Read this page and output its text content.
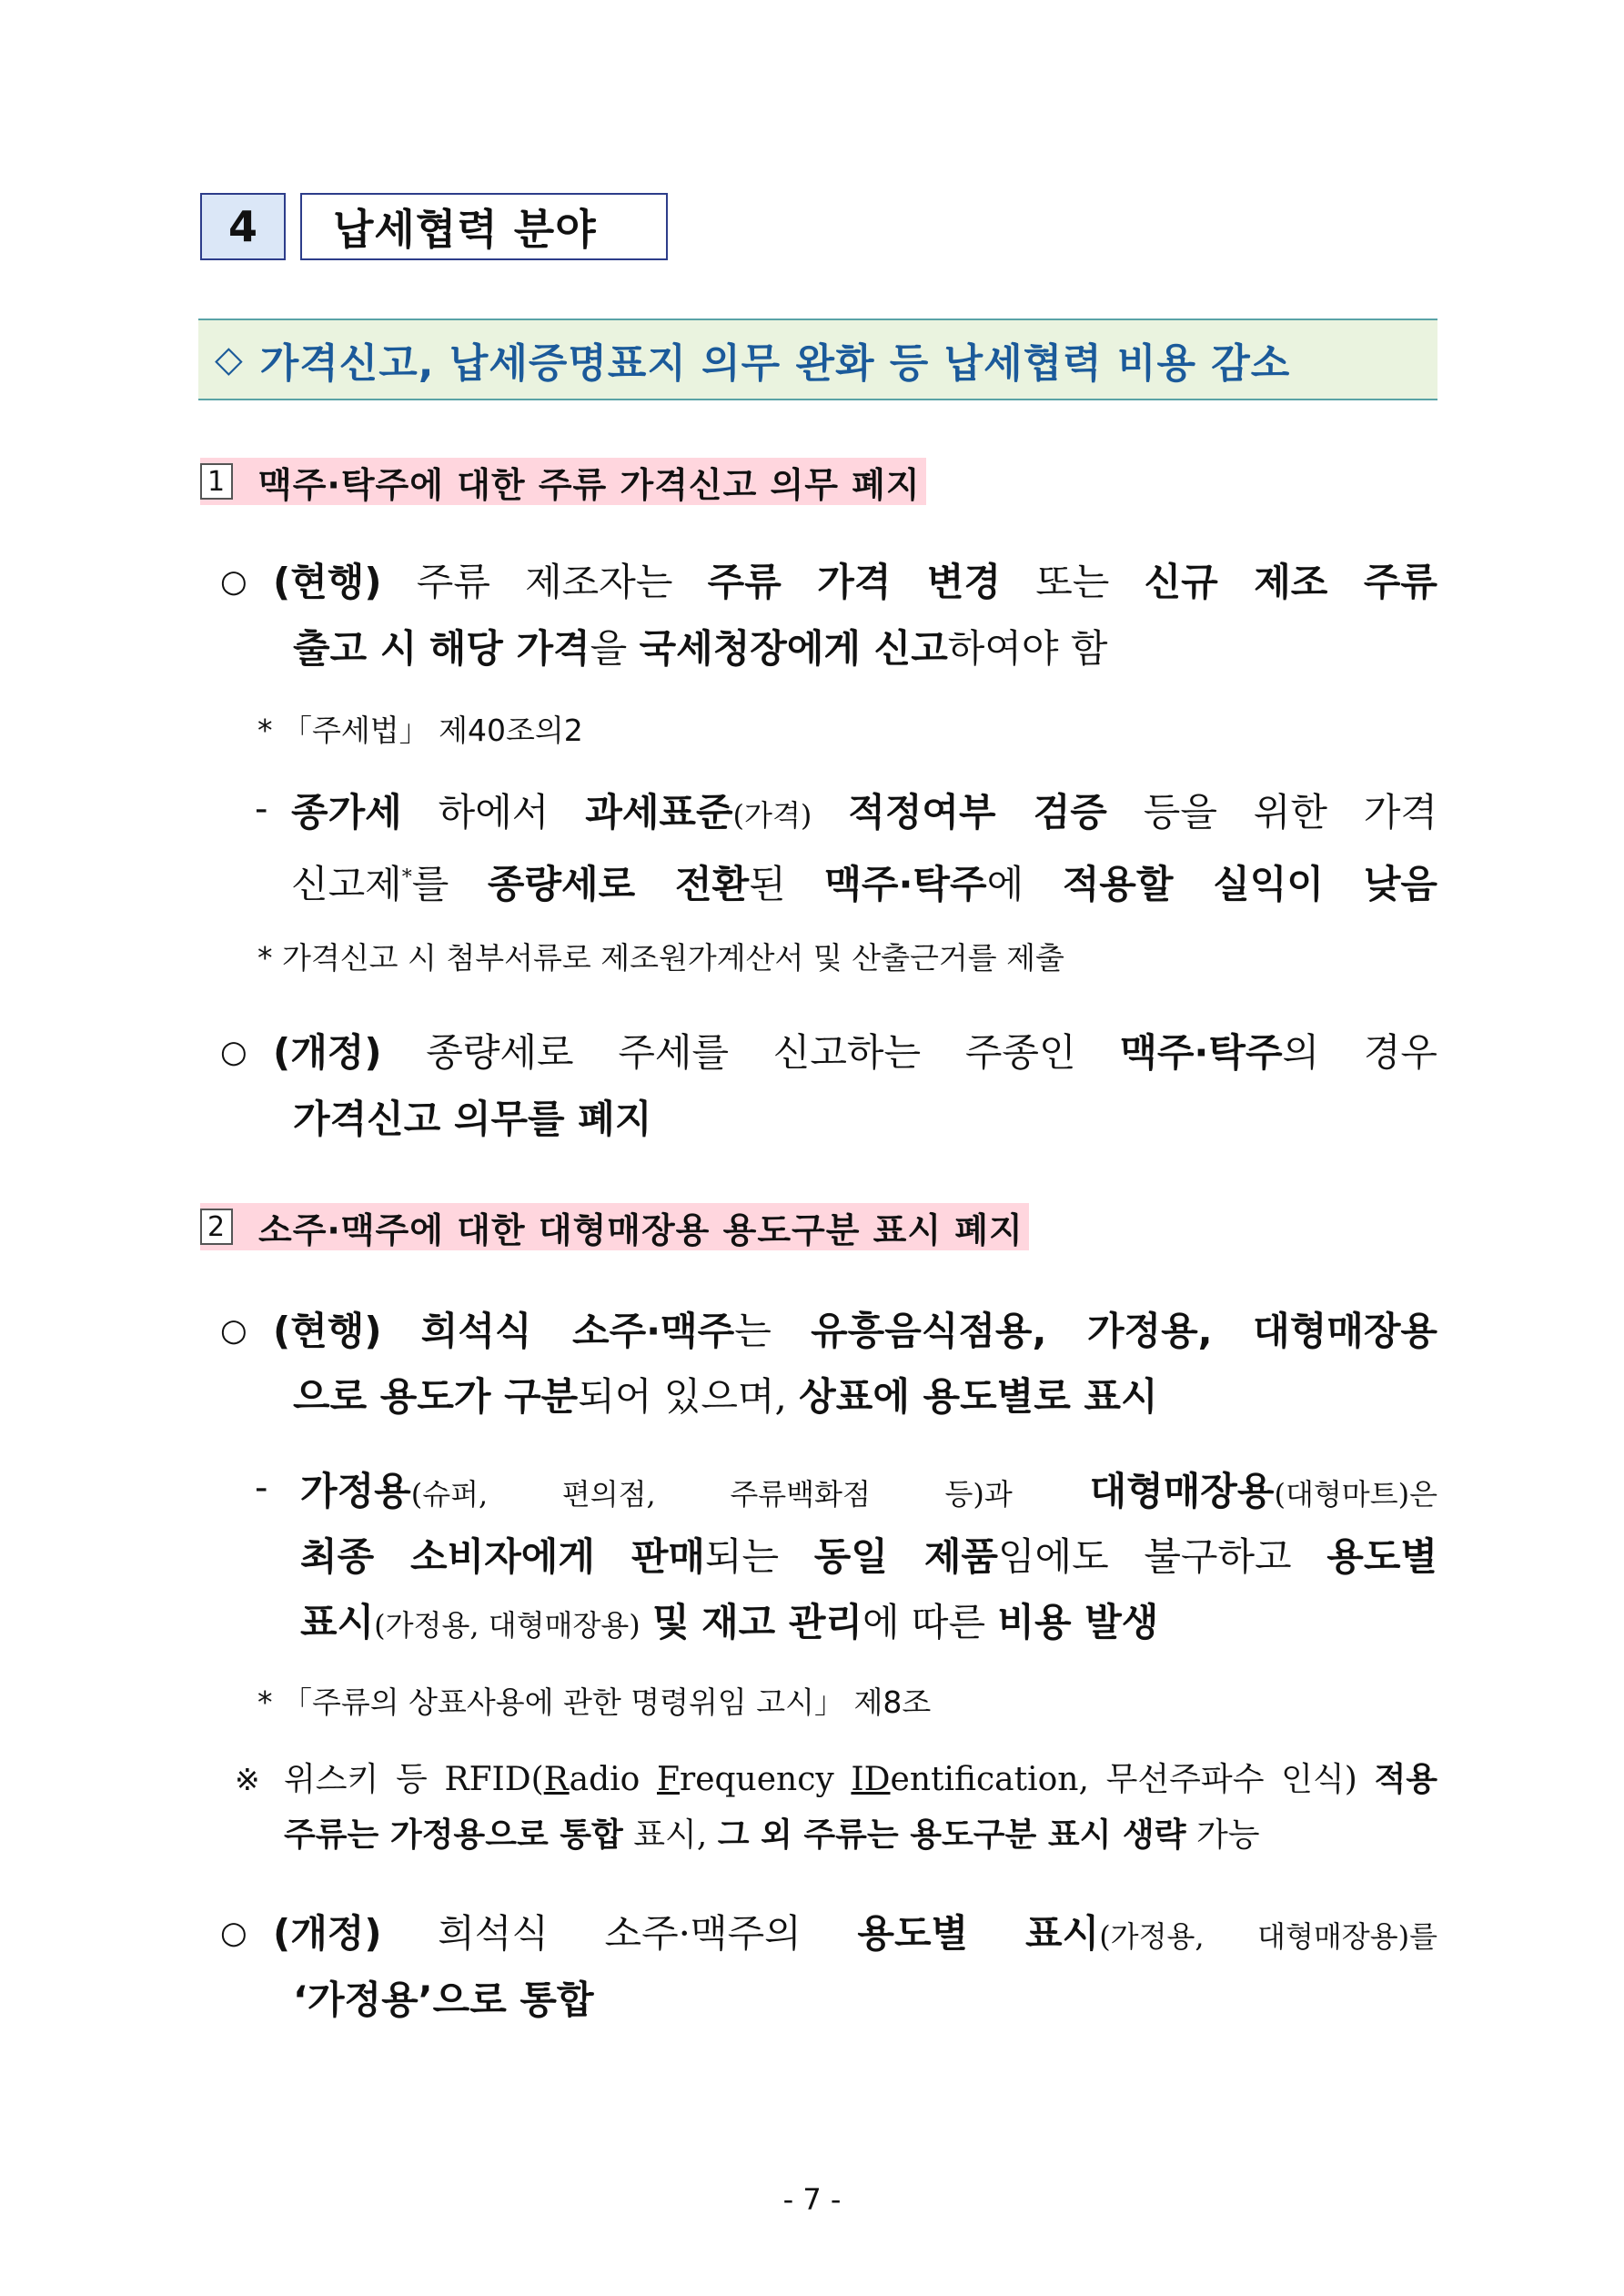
4	납세협력 분야
◇ 가격신고, 납세증명표지 의무 완화 등 납세협력 비용 감소
1 맥주·탁주에 대한 주류 가격신고 의무 폐지
○ (현행) 주류 제조자는 주류 가격 변경 또는 신규 제조 주류
출고 시 해당 가격을 국세청장에게 신고하여야 함
* 「주세법」 제40조의2
- 종가세 하에서 과세표준(가격) 적정여부 검증 등을 위한 가격
신고제*를 종량세로 전환된 맥주·탁주에 적용할 실익이 낮음
* 가격신고 시 첨부서류로 제조원가계산서 및 산출근거를 제출
○ (개정) 종량세로 주세를 신고하는 주종인 맥주·탁주의 경우
가격신고 의무를 폐지
2 소주·맥주에 대한 대형매장용 용도구분 표시 폐지
○ (현행) 희석식 소주·맥주는 유흥음식점용, 가정용, 대형매장용
으로 용도가 구분되어 있으며, 상표에 용도별로 표시
- 가정용(슈퍼, 편의점, 주류백화점 등)과 대형매장용(대형마트)은
최종 소비자에게 판매되는 동일 제품임에도 불구하고 용도별
표시(가정용, 대형매장용) 및 재고 관리에 따른 비용 발생
* 「주류의 상표사용에 관한 명령위임 고시」 제8조
※ 위스키 등 RFID(Radio Frequency IDentification, 무선주파수 인식) 적용
주류는 가정용으로 통합 표시, 그 외 주류는 용도구분 표시 생략 가능
○ (개정) 희석식 소주·맥주의 용도별 표시(가정용, 대형매장용)를
‘가정용’으로 통합
- 7 -
